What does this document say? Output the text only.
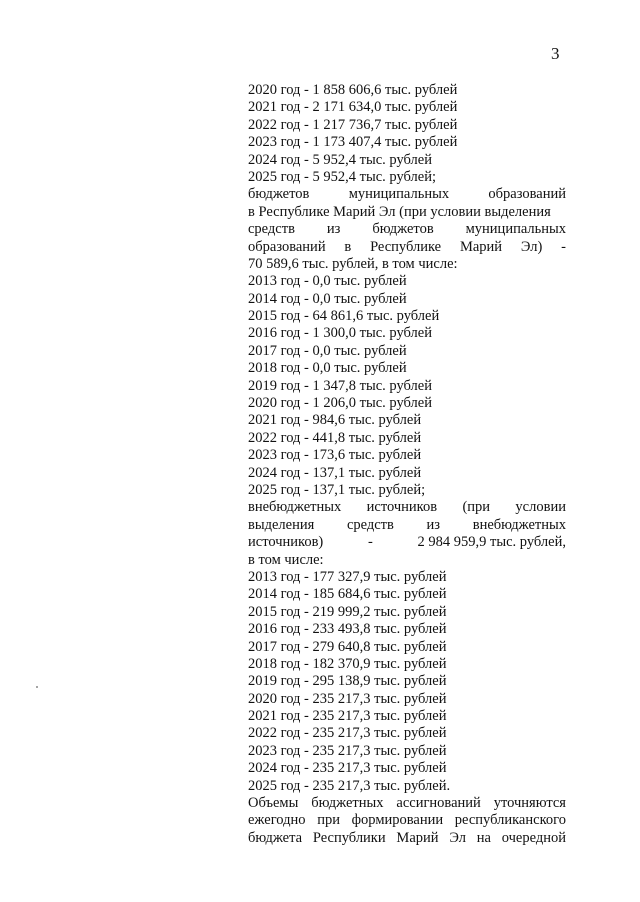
3
2020 год - 1 858 606,6 тыс. рублей
2021 год - 2 171 634,0 тыс. рублей
2022 год - 1 217 736,7 тыс. рублей
2023 год - 1 173 407,4 тыс. рублей
2024 год - 5 952,4 тыс. рублей
2025 год - 5 952,4 тыс. рублей;
бюджетов	муниципальных	образований
в Республике Марий Эл (при условии выделения
средств из бюджетов муниципальных
образований в Республике Марий Эл) -
70 589,6 тыс. рублей, в том числе:
2013 год - 0,0 тыс. рублей
2014 год - 0,0 тыс. рублей
2015 год - 64 861,6 тыс. рублей
2016 год - 1 300,0 тыс. рублей
2017 год - 0,0 тыс. рублей
2018 год - 0,0 тыс. рублей
2019 год - 1 347,8 тыс. рублей
2020 год - 1 206,0 тыс. рублей
2021 год - 984,6 тыс. рублей
2022 год - 441,8 тыс. рублей
2023 год - 173,6 тыс. рублей
2024 год - 137,1 тыс. рублей
2025 год - 137,1 тыс. рублей;
внебюджетных источников (при условии
выделения средств из внебюджетных
источников)	-	2 984 959,9 тыс. рублей,
в том числе:
2013 год - 177 327,9 тыс. рублей
2014 год - 185 684,6 тыс. рублей
2015 год - 219 999,2 тыс. рублей
2016 год - 233 493,8 тыс. рублей
2017 год - 279 640,8 тыс. рублей
2018 год - 182 370,9 тыс. рублей
2019 год - 295 138,9 тыс. рублей
2020 год - 235 217,3 тыс. рублей
2021 год - 235 217,3 тыс. рублей
2022 год - 235 217,3 тыс. рублей
2023 год - 235 217,3 тыс. рублей
2024 год - 235 217,3 тыс. рублей
2025 год - 235 217,3 тыс. рублей.
Объемы бюджетных ассигнований уточняются
ежегодно при формировании республиканского
бюджета Республики Марий Эл на очередной
